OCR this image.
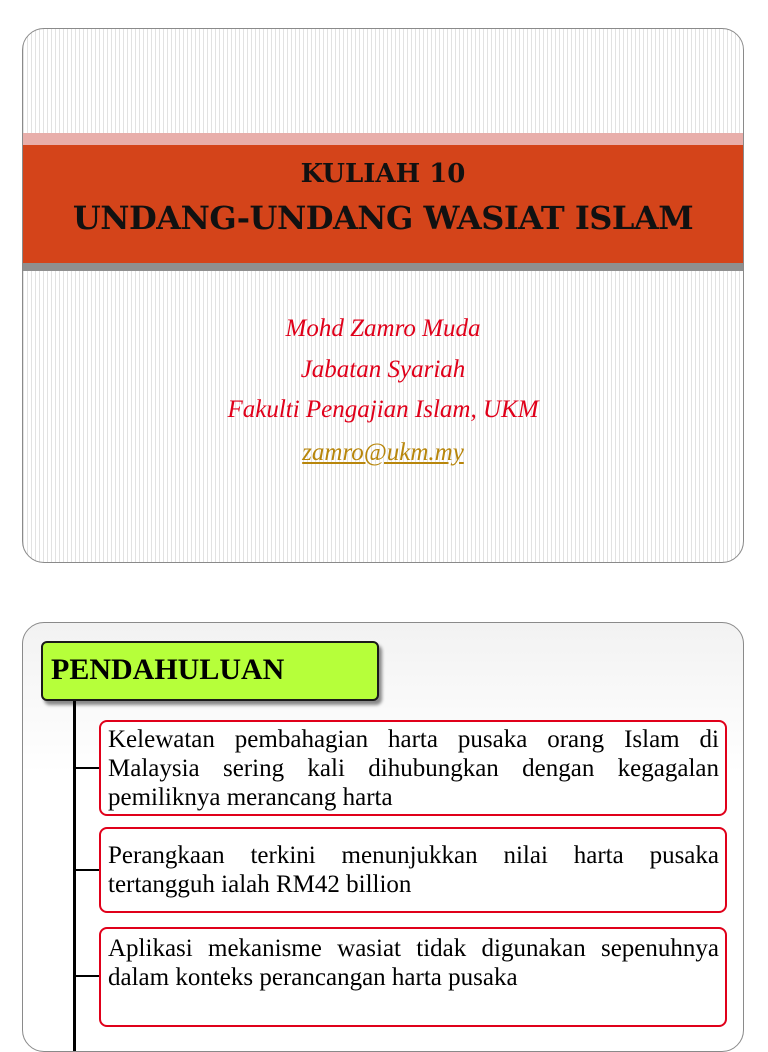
KULIAH 10
UNDANG-UNDANG WASIAT ISLAM
Mohd Zamro Muda
Jabatan Syariah
Fakulti Pengajian Islam, UKM
zamro@ukm.my
PENDAHULUAN
Kelewatan pembahagian harta pusaka orang Islam di Malaysia sering kali dihubungkan dengan kegagalan pemiliknya merancang harta
Perangkaan terkini menunjukkan nilai harta pusaka tertangguh ialah RM42 billion
Aplikasi mekanisme wasiat tidak digunakan sepenuhnya dalam konteks perancangan harta pusaka
